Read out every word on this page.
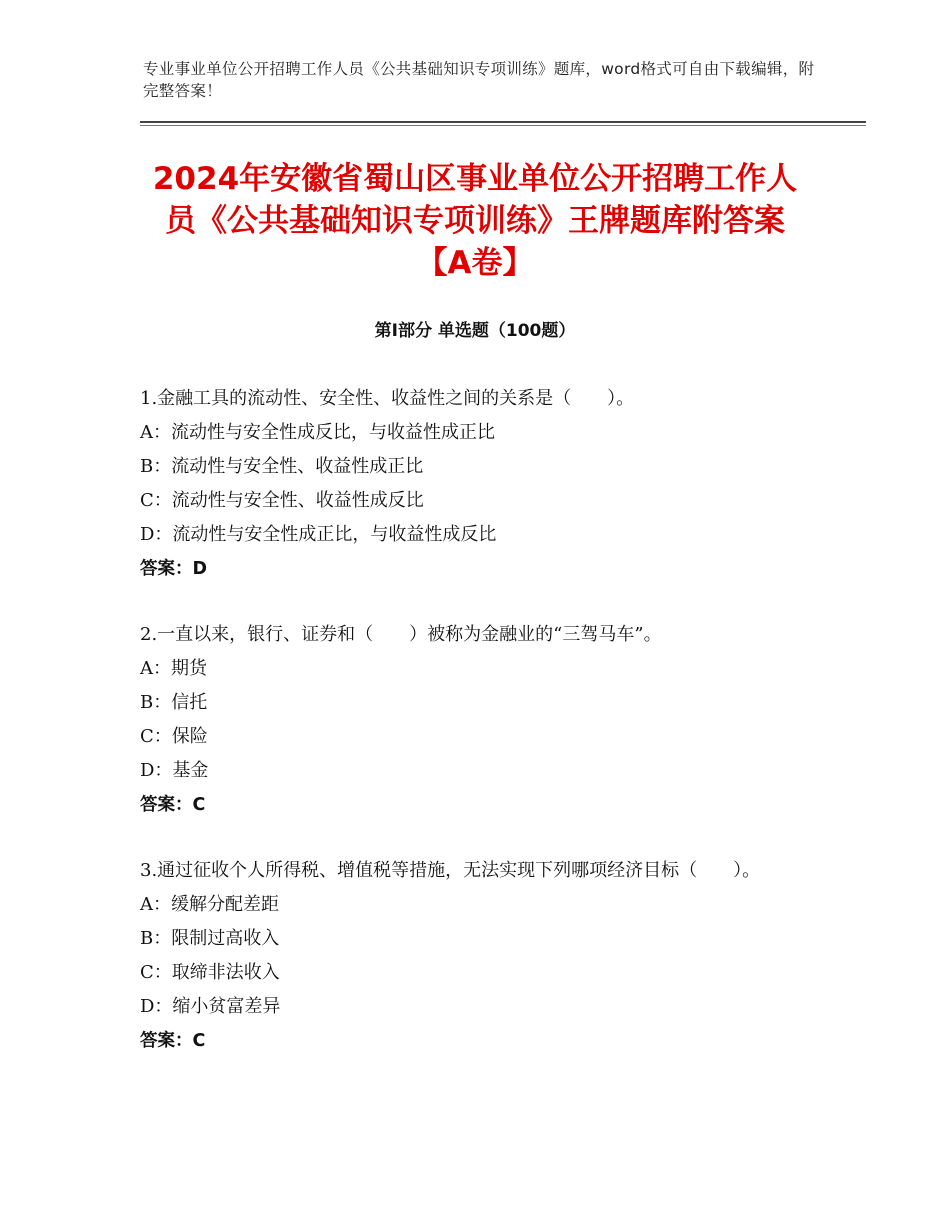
专业事业单位公开招聘工作人员《公共基础知识专项训练》题库，word格式可自由下载编辑，附完整答案！
2024年安徽省蜀山区事业单位公开招聘工作人员《公共基础知识专项训练》王牌题库附答案【A卷】
第Ⅰ部分 单选题（100题）
1.金融工具的流动性、安全性、收益性之间的关系是（　　）。
A：流动性与安全性成反比，与收益性成正比
B：流动性与安全性、收益性成正比
C：流动性与安全性、收益性成反比
D：流动性与安全性成正比，与收益性成反比
答案：D
2.一直以来，银行、证券和（　　）被称为金融业的“三驾马车”。
A：期货
B：信托
C：保险
D：基金
答案：C
3.通过征收个人所得税、增值税等措施，无法实现下列哪项经济目标（　　）。
A：缓解分配差距
B：限制过高收入
C：取缔非法收入
D：缩小贫富差异
答案：C
